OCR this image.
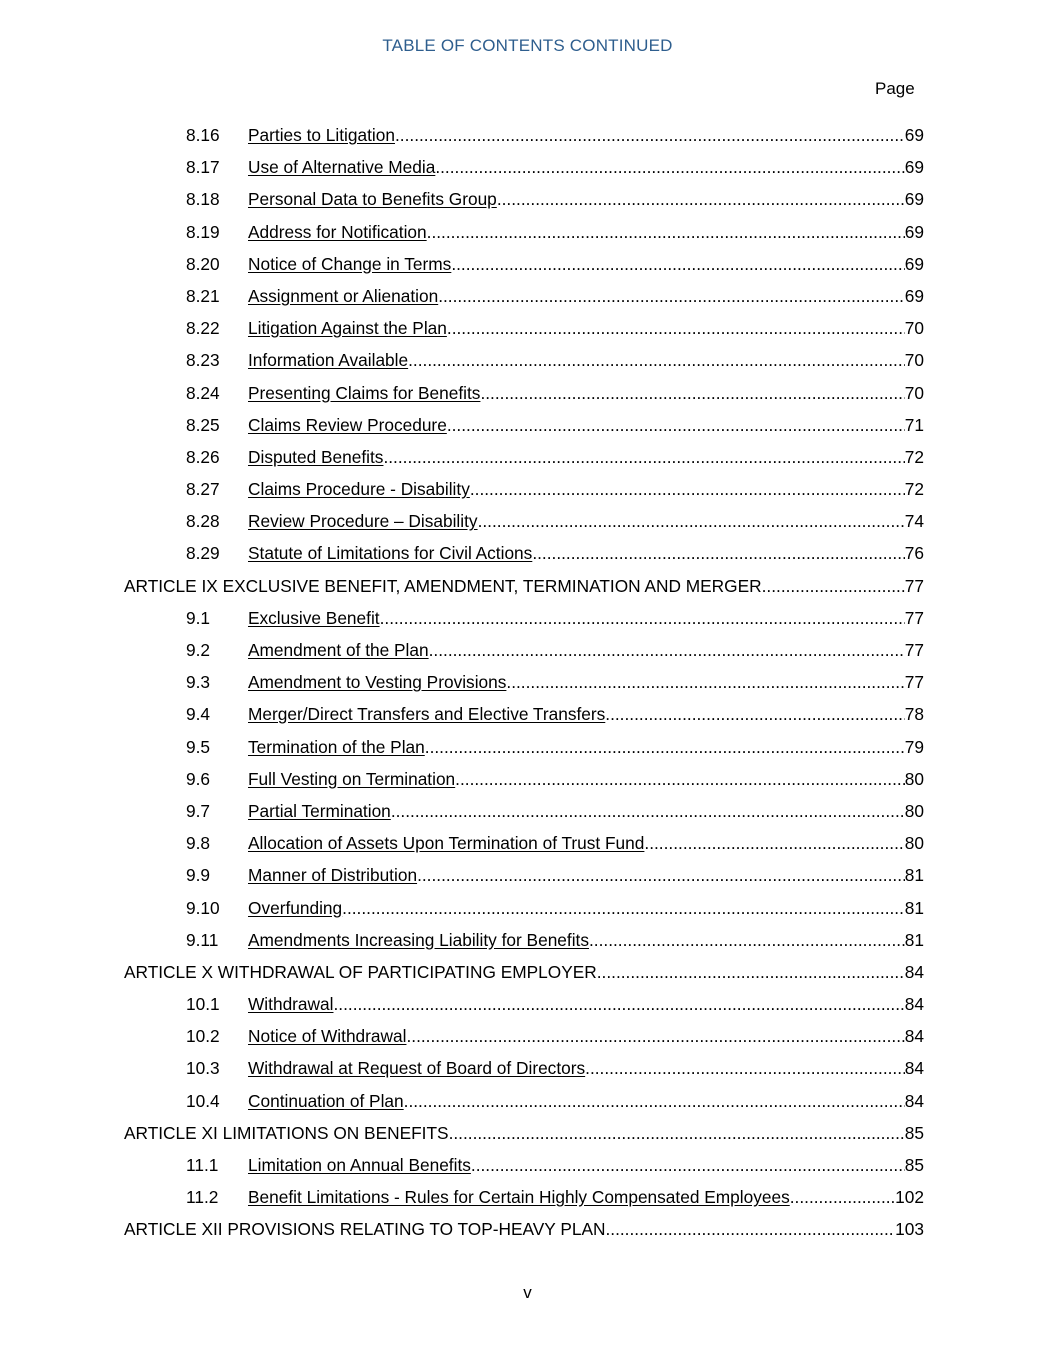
TABLE OF CONTENTS CONTINUED
Page
8.16 Parties to Litigation .....	69
8.17 Use of Alternative Media .....	69
8.18 Personal Data to Benefits Group .....	69
8.19 Address for Notification .....	69
8.20 Notice of Change in Terms .....	69
8.21 Assignment or Alienation .....	69
8.22 Litigation Against the Plan .....	70
8.23 Information Available .....	70
8.24 Presenting Claims for Benefits .....	70
8.25 Claims Review Procedure .....	71
8.26 Disputed Benefits .....	72
8.27 Claims Procedure - Disability .....	72
8.28 Review Procedure – Disability .....	74
8.29 Statute of Limitations for Civil Actions .....	76
ARTICLE IX EXCLUSIVE BENEFIT, AMENDMENT, TERMINATION AND MERGER .....	77
9.1 Exclusive Benefit .....	77
9.2 Amendment of the Plan .....	77
9.3 Amendment to Vesting Provisions .....	77
9.4 Merger/Direct Transfers and Elective Transfers .....	78
9.5 Termination of the Plan .....	79
9.6 Full Vesting on Termination .....	80
9.7 Partial Termination .....	80
9.8 Allocation of Assets Upon Termination of Trust Fund .....	80
9.9 Manner of Distribution .....	81
9.10 Overfunding .....	81
9.11 Amendments Increasing Liability for Benefits .....	81
ARTICLE X WITHDRAWAL OF PARTICIPATING EMPLOYER .....	84
10.1 Withdrawal .....	84
10.2 Notice of Withdrawal .....	84
10.3 Withdrawal at Request of Board of Directors .....	84
10.4 Continuation of Plan .....	84
ARTICLE XI LIMITATIONS ON BENEFITS .....	85
11.1 Limitation on Annual Benefits .....	85
11.2 Benefit Limitations - Rules for Certain Highly Compensated Employees .....	102
ARTICLE XII PROVISIONS RELATING TO TOP-HEAVY PLAN .....	103
v
